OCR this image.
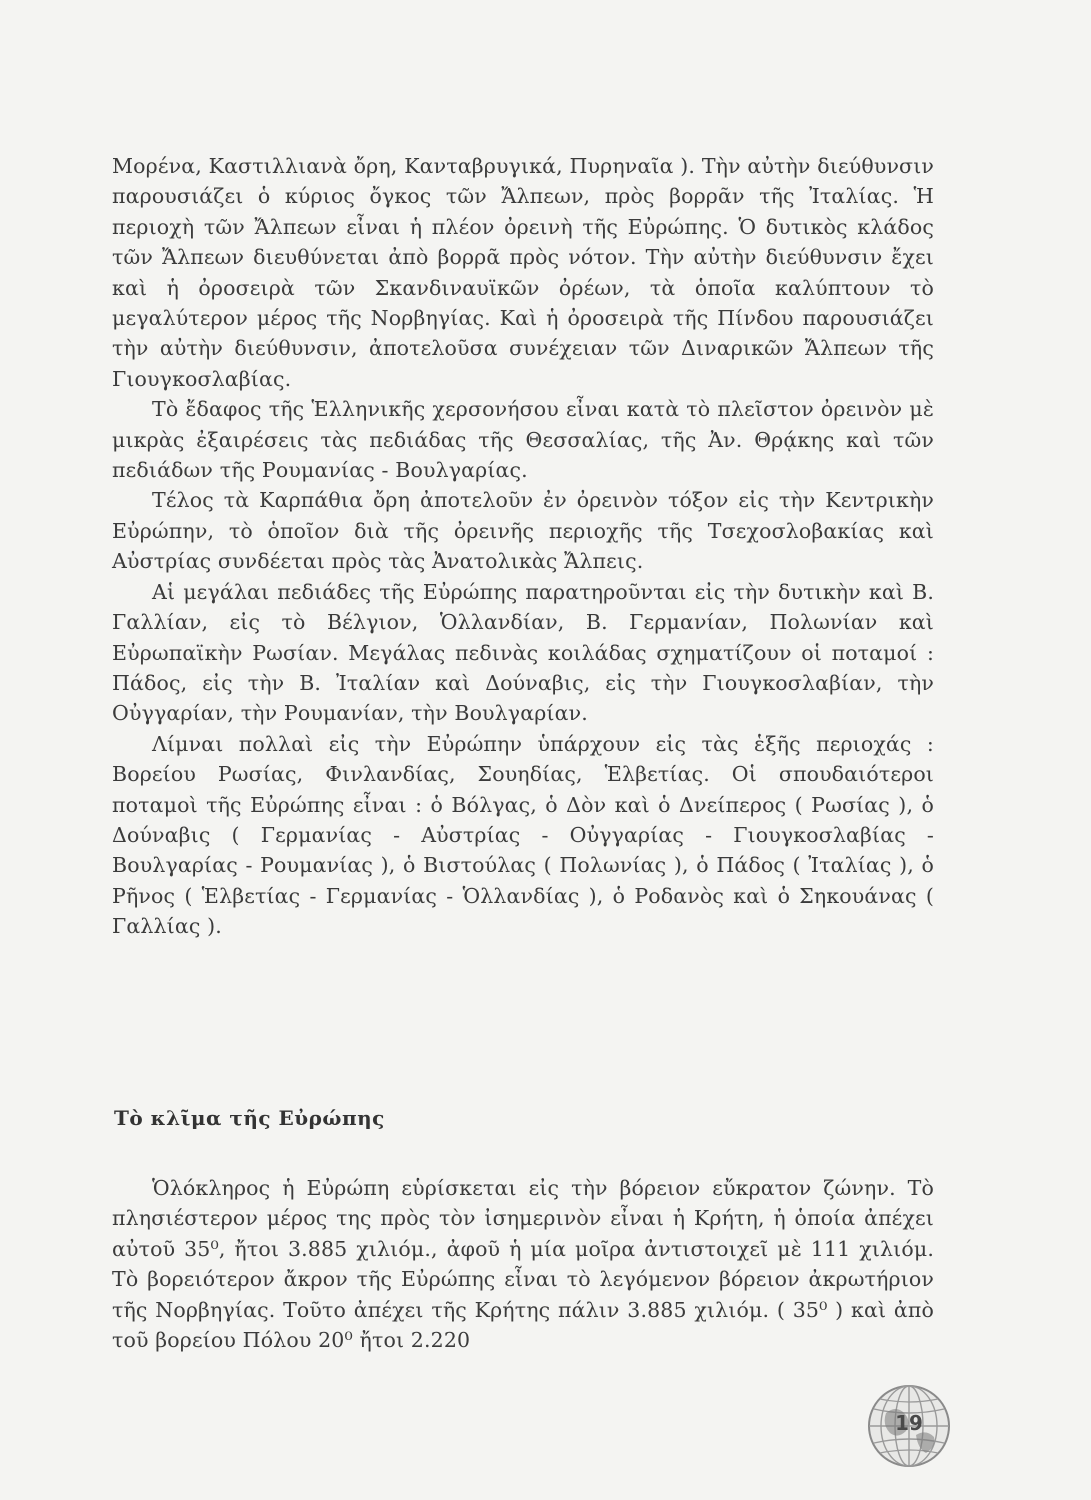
Μορένα, Καστιλλιανὰ ὄρη, Κανταβρυγικά, Πυρηναῖα ). Τὴν αὐτὴν διεύθυνσιν παρουσιάζει ὁ κύριος ὄγκος τῶν Ἄλπεων, πρὸς βορρᾶν τῆς Ἰταλίας. Ἡ περιοχὴ τῶν Ἄλπεων εἶναι ἡ πλέον ὀρεινὴ τῆς Εὐρώπης. Ὁ δυτικὸς κλάδος τῶν Ἄλπεων διευθύνεται ἀπὸ βορρᾶ πρὸς νότον. Τὴν αὐτὴν διεύθυνσιν ἔχει καὶ ἡ ὀροσειρὰ τῶν Σκανδιναυϊκῶν ὀρέων, τὰ ὁποῖα καλύπτουν τὸ μεγαλύτερον μέρος τῆς Νορβηγίας. Καὶ ἡ ὀροσειρὰ τῆς Πίνδου παρουσιάζει τὴν αὐτὴν διεύθυνσιν, ἀποτελοῦσα συνέχειαν τῶν Διναρικῶν Ἄλπεων τῆς Γιουγκοσλαβίας.

Τὸ ἔδαφος τῆς Ἑλληνικῆς χερσονήσου εἶναι κατὰ τὸ πλεῖστον ὀρεινὸν μὲ μικρὰς ἐξαιρέσεις τὰς πεδιάδας τῆς Θεσσαλίας, τῆς Ἀν. Θρᾴκης καὶ τῶν πεδιάδων τῆς Ρουμανίας - Βουλγαρίας.

Τέλος τὰ Καρπάθια ὄρη ἀποτελοῦν ἐν ὀρεινὸν τόξον εἰς τὴν Κεντρικὴν Εὐρώπην, τὸ ὁποῖον διὰ τῆς ὀρεινῆς περιοχῆς τῆς Τσεχοσλοβακίας καὶ Αὐστρίας συνδέεται πρὸς τὰς Ἀνατολικὰς Ἄλπεις.

Αἱ μεγάλαι πεδιάδες τῆς Εὐρώπης παρατηροῦνται εἰς τὴν δυτικὴν καὶ Β. Γαλλίαν, εἰς τὸ Βέλγιον, Ὁλλανδίαν, Β. Γερμανίαν, Πολωνίαν καὶ Εὐρωπαϊκὴν Ρωσίαν. Μεγάλας πεδινὰς κοιλάδας σχηματίζουν οἱ ποταμοί : Πάδος, εἰς τὴν Β. Ἰταλίαν καὶ Δούναβις, εἰς τὴν Γιουγκοσλαβίαν, τὴν Οὐγγαρίαν, τὴν Ρουμανίαν, τὴν Βουλγαρίαν.

Λίμναι πολλαὶ εἰς τὴν Εὐρώπην ὑπάρχουν εἰς τὰς ἑξῆς περιοχάς : Βορείου Ρωσίας, Φινλανδίας, Σουηδίας, Ἑλβετίας. Οἱ σπουδαιότεροι ποταμοὶ τῆς Εὐρώπης εἶναι : ὁ Βόλγας, ὁ Δὸν καὶ ὁ Δνείπερος ( Ρωσίας ), ὁ Δούναβις ( Γερμανίας - Αὐστρίας - Οὐγγαρίας - Γιουγκοσλαβίας - Βουλγαρίας - Ρουμανίας ), ὁ Βιστούλας ( Πολωνίας ), ὁ Πάδος ( Ἰταλίας ), ὁ Ρῆνος ( Ἑλβετίας - Γερμανίας - Ὁλλανδίας ), ὁ Ροδανὸς καὶ ὁ Σηκουάνας ( Γαλλίας ).

Τὸ κλῖμα τῆς Εὐρώπης

Ὁλόκληρος ἡ Εὐρώπη εὑρίσκεται εἰς τὴν βόρειον εὔκρατον ζώνην. Τὸ πλησιέστερον μέρος της πρὸς τὸν ἰσημερινὸν εἶναι ἡ Κρήτη, ἡ ὁποία ἀπέχει αὐτοῦ 35⁰, ἤτοι 3.885 χιλιόμ., ἀφοῦ ἡ μία μοῖρα ἀντιστοιχεῖ μὲ 111 χιλιόμ. Τὸ βορειότερον ἄκρον τῆς Εὐρώπης εἶναι τὸ λεγόμενον βόρειον ἀκρωτήριον τῆς Νορβηγίας. Τοῦτο ἀπέχει τῆς Κρήτης πάλιν 3.885 χιλιόμ. ( 35⁰ ) καὶ ἀπὸ τοῦ βορείου Πόλου 20⁰ ἤτοι 2.220

19
